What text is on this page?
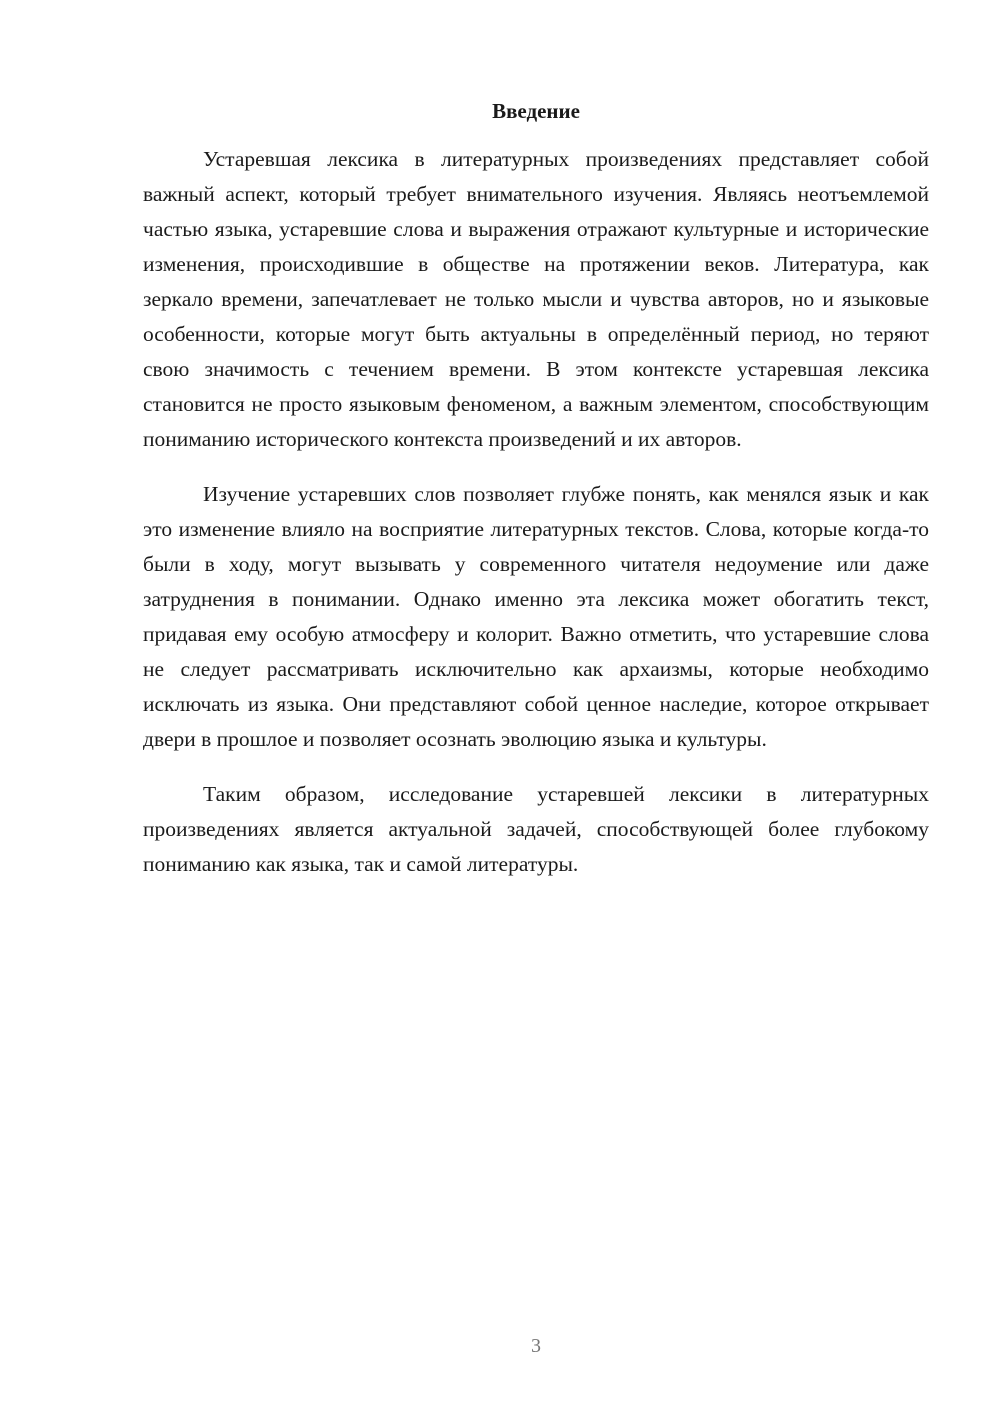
Введение

Устаревшая лексика в литературных произведениях представляет собой важный аспект, который требует внимательного изучения. Являясь неотъемлемой частью языка, устаревшие слова и выражения отражают культурные и исторические изменения, происходившие в обществе на протяжении веков. Литература, как зеркало времени, запечатлевает не только мысли и чувства авторов, но и языковые особенности, которые могут быть актуальны в определённый период, но теряют свою значимость с течением времени. В этом контексте устаревшая лексика становится не просто языковым феноменом, а важным элементом, способствующим пониманию исторического контекста произведений и их авторов.

Изучение устаревших слов позволяет глубже понять, как менялся язык и как это изменение влияло на восприятие литературных текстов. Слова, которые когда-то были в ходу, могут вызывать у современного читателя недоумение или даже затруднения в понимании. Однако именно эта лексика может обогатить текст, придавая ему особую атмосферу и колорит. Важно отметить, что устаревшие слова не следует рассматривать исключительно как архаизмы, которые необходимо исключать из языка. Они представляют собой ценное наследие, которое открывает двери в прошлое и позволяет осознать эволюцию языка и культуры.

Таким образом, исследование устаревшей лексики в литературных произведениях является актуальной задачей, способствующей более глубокому пониманию как языка, так и самой литературы.

3
